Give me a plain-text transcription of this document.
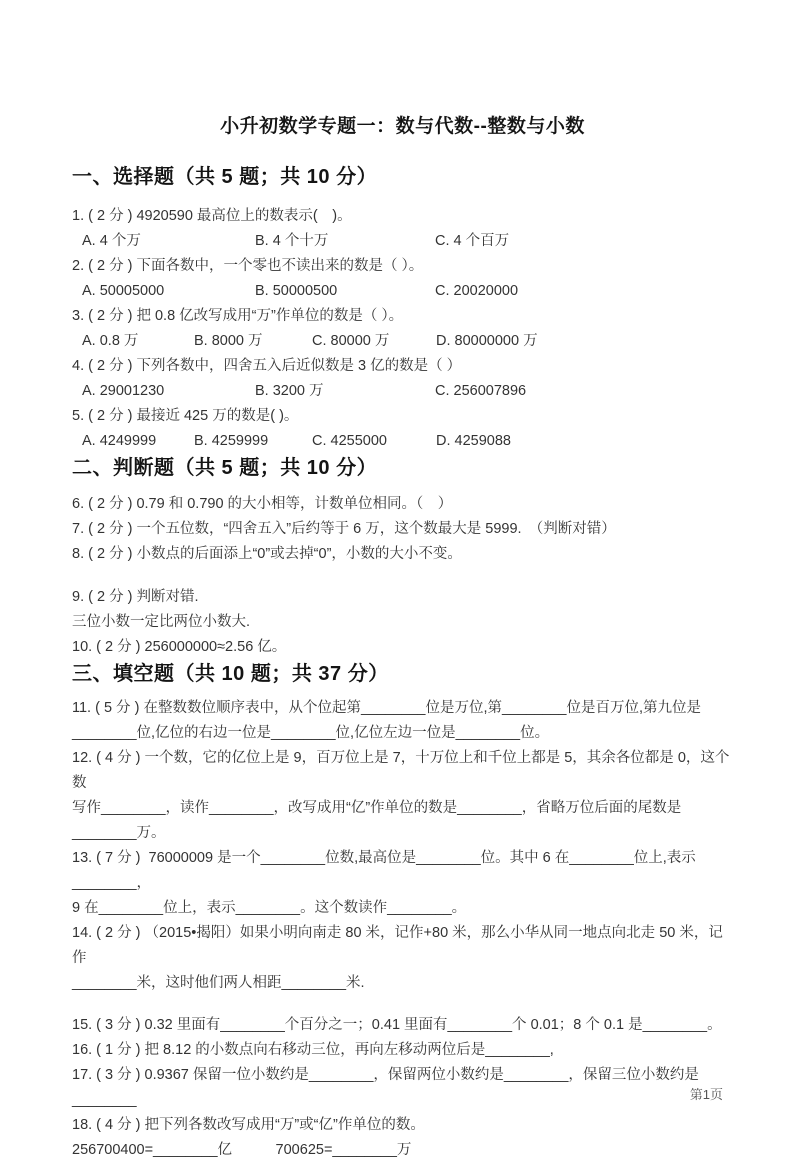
小升初数学专题一：数与代数--整数与小数
一、选择题（共 5 题；共 10 分）
1. ( 2 分 ) 4920590 最高位上的数表示(　)。
A. 4 个万	B. 4 个十万	C. 4 个百万
2. ( 2 分 ) 下面各数中，一个零也不读出来的数是（ ）。
A. 50005000	B. 50000500	C. 20020000
3. ( 2 分 ) 把 0.8 亿改写成用“万”作单位的数是（ ）。
A. 0.8 万	B. 8000 万	C. 80000 万	D. 80000000 万
4. ( 2 分 ) 下列各数中，四舍五入后近似数是 3 亿的数是（ ）
A. 29001230	B. 3200 万	C. 256007896
5. ( 2 分 ) 最接近 425 万的数是( )。
A. 4249999	B. 4259999	C. 4255000	D. 4259088
二、判断题（共 5 题；共 10 分）
6. ( 2 分 ) 0.79 和 0.790 的大小相等，计数单位相同。（　）
7. ( 2 分 ) 一个五位数，“四舍五入”后约等于 6 万，这个数最大是 5999.　（判断对错）
8. ( 2 分 ) 小数点的后面添上“0”或去掉“0”，小数的大小不变。
9. ( 2 分 ) 判断对错.
三位小数一定比两位小数大.
10. ( 2 分 ) 256000000≈2.56 亿。
三、填空题（共 10 题；共 37 分）
11. ( 5 分 ) 在整数数位顺序表中，从个位起第________位是万位,第________位是百万位,第九位是
________位,亿位的右边一位是________位,亿位左边一位是________位。
12. ( 4 分 ) 一个数，它的亿位上是 9，百万位上是 7，十万位上和千位上都是 5，其余各位都是 0，这个数
写作________，读作________，改写成用“亿”作单位的数是________，省略万位后面的尾数是________万。
13. ( 7 分 )  76000009 是一个________位数,最高位是________位。其中 6 在________位上,表示________，
9 在________位上，表示________。这个数读作________。
14. ( 2 分 ) （2015•揭阳）如果小明向南走 80 米，记作+80 米，那么小华从同一地点向北走 50 米，记作
________米，这时他们两人相距________米.
15. ( 3 分 ) 0.32 里面有________个百分之一；0.41 里面有________个 0.01；8 个 0.1 是________。
16. ( 1 分 ) 把 8.12 的小数点向右移动三位，再向左移动两位后是________,
17. ( 3 分 ) 0.9367 保留一位小数约是________，保留两位小数约是________，保留三位小数约是________
18. ( 4 分 ) 把下列各数改写成用“万”或“亿”作单位的数。
256700400=________亿　　　700625=________万
第1页
